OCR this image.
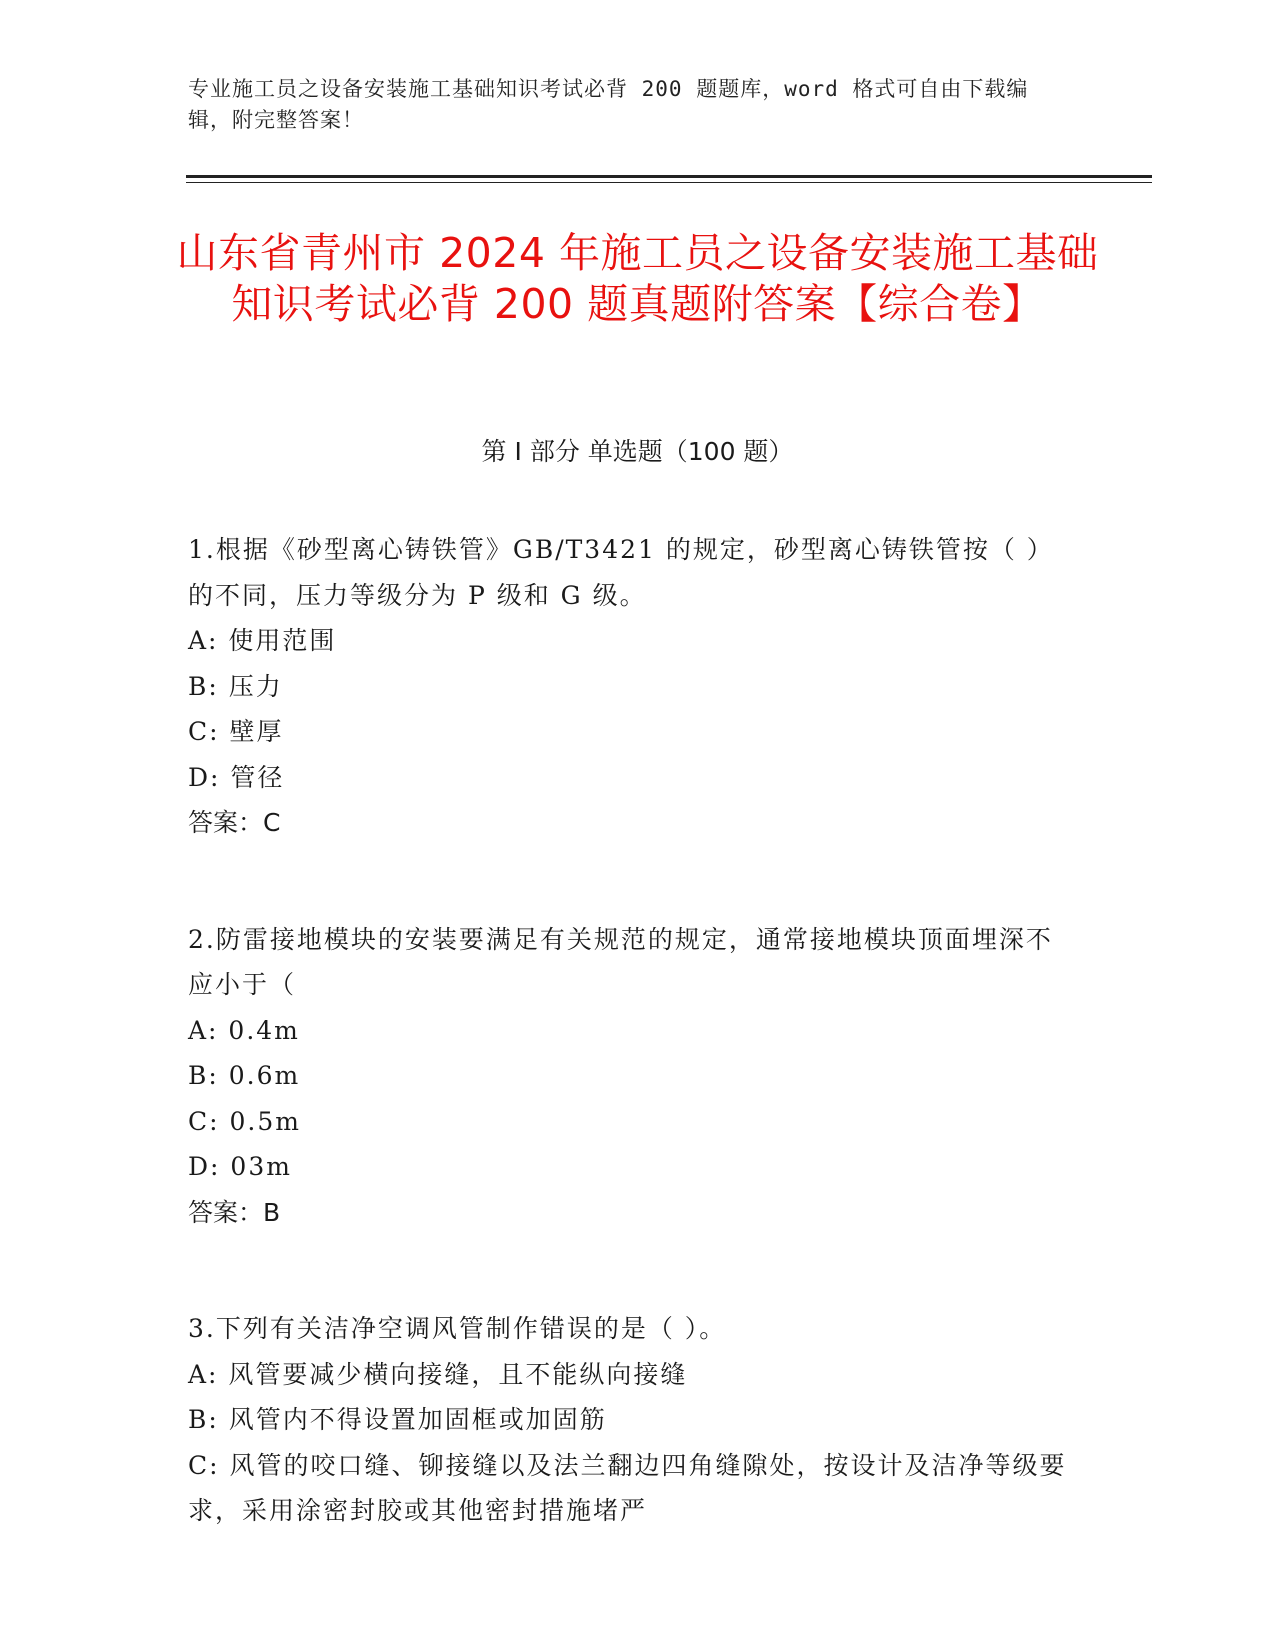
专业施工员之设备安装施工基础知识考试必背 200 题题库，word 格式可自由下载编辑，附完整答案！
山东省青州市 2024 年施工员之设备安装施工基础知识考试必背 200 题真题附答案【综合卷】
第 I 部分 单选题（100 题）

1.根据《砂型离心铸铁管》GB/T3421 的规定，砂型离心铸铁管按（ ）的不同，压力等级分为 P 级和 G 级。

A: 使用范围

B: 压力

C: 壁厚

D: 管径

答案：C

2.防雷接地模块的安装要满足有关规范的规定，通常接地模块顶面埋深不应小于（

A: 0.4m

B: 0.6m

C: 0.5m

D: 03m

答案：B

3.下列有关洁净空调风管制作错误的是（ ）。

A: 风管要减少横向接缝，且不能纵向接缝

B: 风管内不得设置加固框或加固筋

C: 风管的咬口缝、铆接缝以及法兰翻边四角缝隙处，按设计及洁净等级要求，采用涂密封胶或其他密封措施堵严
